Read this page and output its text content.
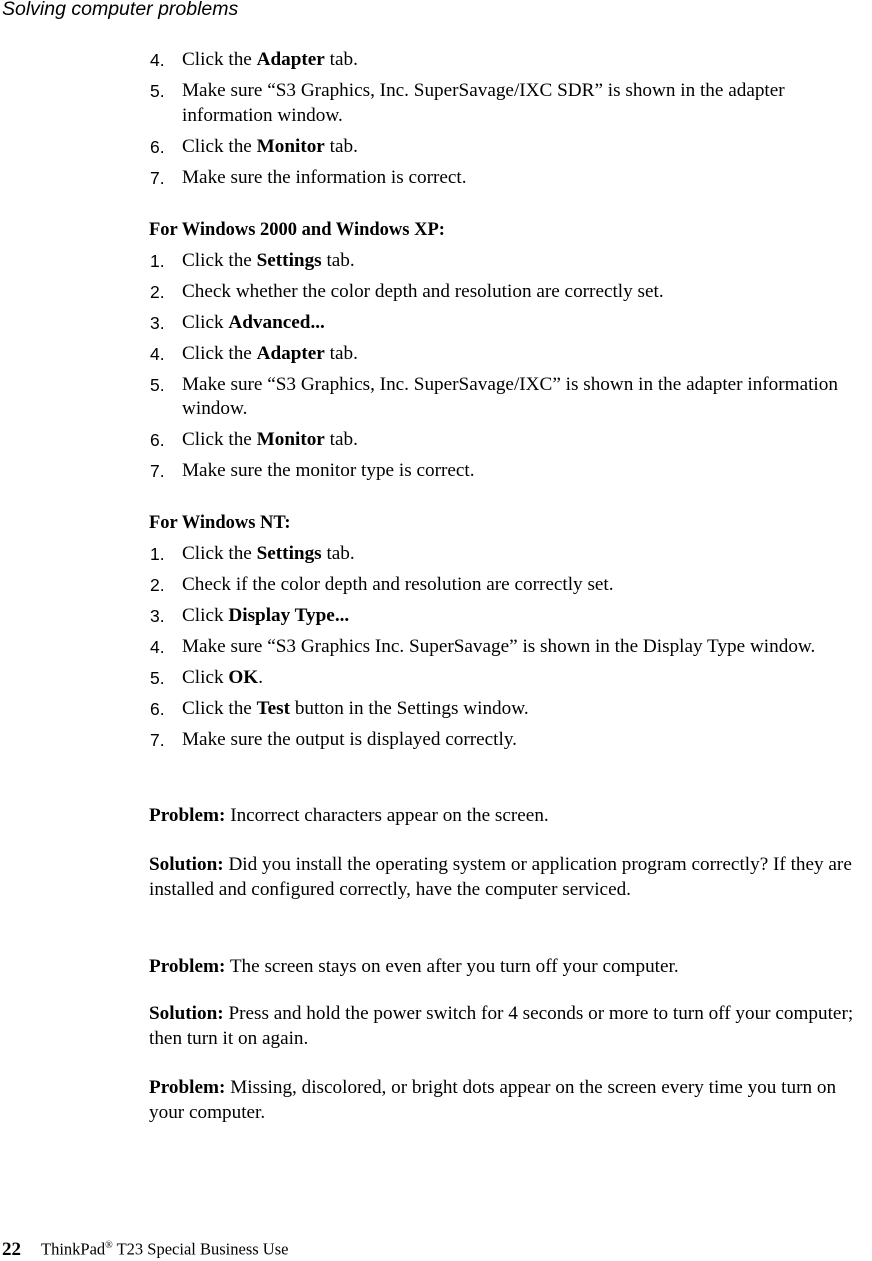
Solving computer problems
4. Click the Adapter tab.
5. Make sure “S3 Graphics, Inc. SuperSavage/IXC SDR” is shown in the adapter information window.
6. Click the Monitor tab.
7. Make sure the information is correct.

For Windows 2000 and Windows XP:

1. Click the Settings tab.
2. Check whether the color depth and resolution are correctly set.
3. Click Advanced...
4. Click the Adapter tab.
5. Make sure “S3 Graphics, Inc. SuperSavage/IXC” is shown in the adapter information window.
6. Click the Monitor tab.
7. Make sure the monitor type is correct.

For Windows NT:

1. Click the Settings tab.
2. Check if the color depth and resolution are correctly set.
3. Click Display Type...
4. Make sure “S3 Graphics Inc. SuperSavage” is shown in the Display Type window.
5. Click OK.
6. Click the Test button in the Settings window.
7. Make sure the output is displayed correctly.

Problem: Incorrect characters appear on the screen.

Solution: Did you install the operating system or application program correctly? If they are installed and configured correctly, have the computer serviced.

Problem: The screen stays on even after you turn off your computer.

Solution: Press and hold the power switch for 4 seconds or more to turn off your computer; then turn it on again.

Problem: Missing, discolored, or bright dots appear on the screen every time you turn on your computer.

22 ThinkPad® T23 Special Business Use
